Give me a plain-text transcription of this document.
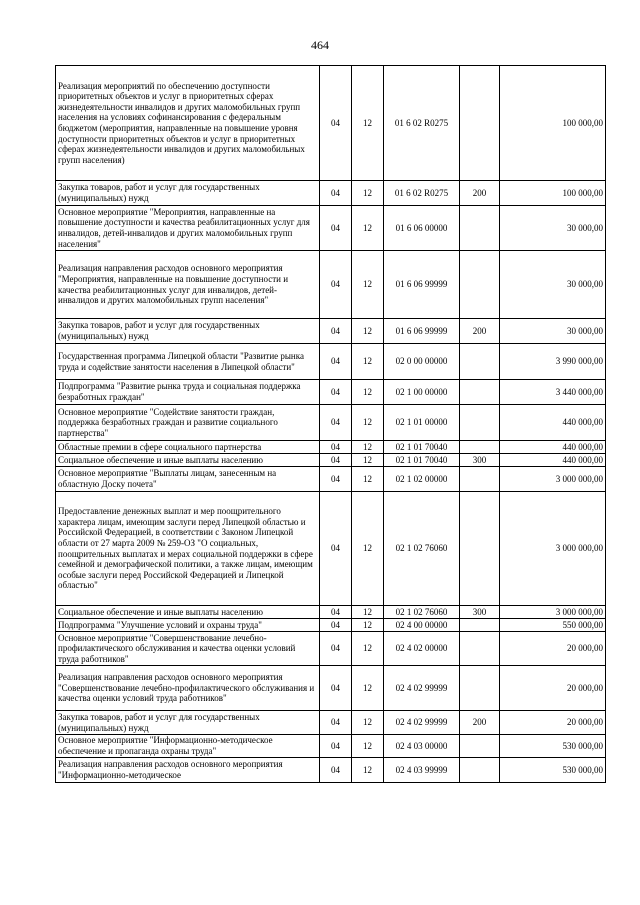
464
Реализация мероприятий по обеспечению доступности приоритетных объектов и услуг в приоритетных сферах жизнедеятельности инвалидов и других маломобильных групп населения на условиях софинансирования с федеральным бюджетом (мероприятия, направленные на повышение уровня доступности приоритетных объектов и услуг в приоритетных сферах жизнедеятельности инвалидов и других маломобильных групп населения)	04	12	01 6 02 R0275		100 000,00
Закупка товаров, работ и услуг для государственных (муниципальных) нужд	04	12	01 6 02 R0275	200	100 000,00
Основное мероприятие "Мероприятия, направленные на повышение доступности и качества реабилитационных услуг для инвалидов, детей-инвалидов и других маломобильных групп населения"	04	12	01 6 06 00000		30 000,00
Реализация направления расходов основного мероприятия "Мероприятия, направленные на повышение доступности и качества реабилитационных услуг для инвалидов, детей-инвалидов и других маломобильных групп населения"	04	12	01 6 06 99999		30 000,00
Закупка товаров, работ и услуг для государственных (муниципальных) нужд	04	12	01 6 06 99999	200	30 000,00
Государственная программа Липецкой области "Развитие рынка труда и содействие занятости населения в Липецкой области"	04	12	02 0 00 00000		3 990 000,00
Подпрограмма "Развитие рынка труда и социальная поддержка безработных граждан"	04	12	02 1 00 00000		3 440 000,00
Основное мероприятие "Содействие занятости граждан, поддержка безработных граждан и развитие социального партнерства"	04	12	02 1 01 00000		440 000,00
Областные премии в сфере социального партнерства	04	12	02 1 01 70040		440 000,00
Социальное обеспечение и иные выплаты населению	04	12	02 1 01 70040	300	440 000,00
Основное мероприятие "Выплаты лицам, занесенным на областную Доску почета"	04	12	02 1 02 00000		3 000 000,00
Предоставление денежных выплат и мер поощрительного характера лицам, имеющим заслуги перед Липецкой областью и Российской Федерацией, в соответствии с Законом Липецкой области от 27 марта 2009 № 259-ОЗ "О социальных, поощрительных выплатах и мерах социальной поддержки в сфере семейной и демографической политики, а также лицам, имеющим особые заслуги перед Российской Федерацией и Липецкой областью"	04	12	02 1 02 76060		3 000 000,00
Социальное обеспечение и иные выплаты населению	04	12	02 1 02 76060	300	3 000 000,00
Подпрограмма "Улучшение условий и охраны труда"	04	12	02 4 00 00000		550 000,00
Основное мероприятие "Совершенствование лечебно-профилактического обслуживания и качества оценки условий труда работников"	04	12	02 4 02 00000		20 000,00
Реализация направления расходов основного мероприятия "Совершенствование лечебно-профилактического обслуживания и качества оценки условий труда работников"	04	12	02 4 02 99999		20 000,00
Закупка товаров, работ и услуг для государственных (муниципальных) нужд	04	12	02 4 02 99999	200	20 000,00
Основное мероприятие "Информационно-методическое обеспечение и пропаганда охраны труда"	04	12	02 4 03 00000		530 000,00
Реализация направления расходов основного мероприятия "Информационно-методическое	04	12	02 4 03 99999		530 000,00
